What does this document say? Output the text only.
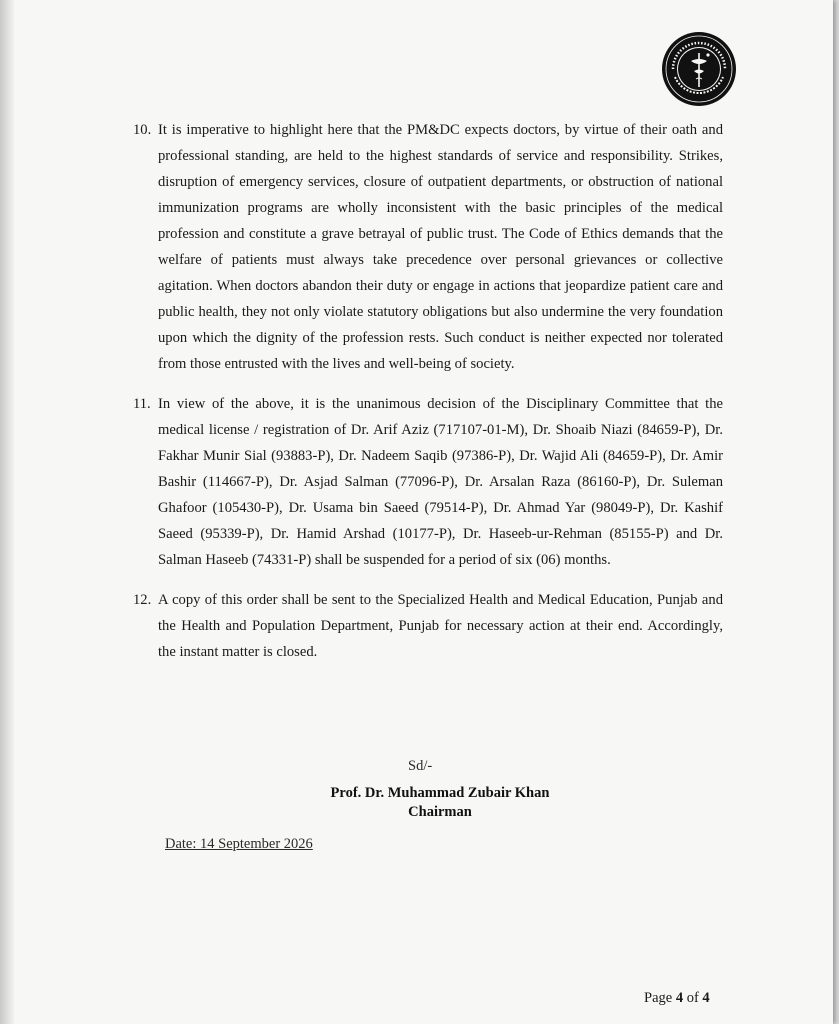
10. It is imperative to highlight here that the PM&DC expects doctors, by virtue of their oath and professional standing, are held to the highest standards of service and responsibility. Strikes, disruption of emergency services, closure of outpatient departments, or obstruction of national immunization programs are wholly inconsistent with the basic principles of the medical profession and constitute a grave betrayal of public trust. The Code of Ethics demands that the welfare of patients must always take precedence over personal grievances or collective agitation. When doctors abandon their duty or engage in actions that jeopardize patient care and public health, they not only violate statutory obligations but also undermine the very foundation upon which the dignity of the profession rests. Such conduct is neither expected nor tolerated from those entrusted with the lives and well-being of society.
11. In view of the above, it is the unanimous decision of the Disciplinary Committee that the medical license / registration of Dr. Arif Aziz (717107-01-M), Dr. Shoaib Niazi (84659-P), Dr. Fakhar Munir Sial (93883-P), Dr. Nadeem Saqib (97386-P), Dr. Wajid Ali (84659-P), Dr. Amir Bashir (114667-P), Dr. Asjad Salman (77096-P), Dr. Arsalan Raza (86160-P), Dr. Suleman Ghafoor (105430-P), Dr. Usama bin Saeed (79514-P), Dr. Ahmad Yar (98049-P), Dr. Kashif Saeed (95339-P), Dr. Hamid Arshad (10177-P), Dr. Haseeb-ur-Rehman (85155-P) and Dr. Salman Haseeb (74331-P) shall be suspended for a period of six (06) months.
12. A copy of this order shall be sent to the Specialized Health and Medical Education, Punjab and the Health and Population Department, Punjab for necessary action at their end. Accordingly, the instant matter is closed.
Sd/-
Prof. Dr. Muhammad Zubair Khan
Chairman
Date: 14 September 2026
Page 4 of 4
